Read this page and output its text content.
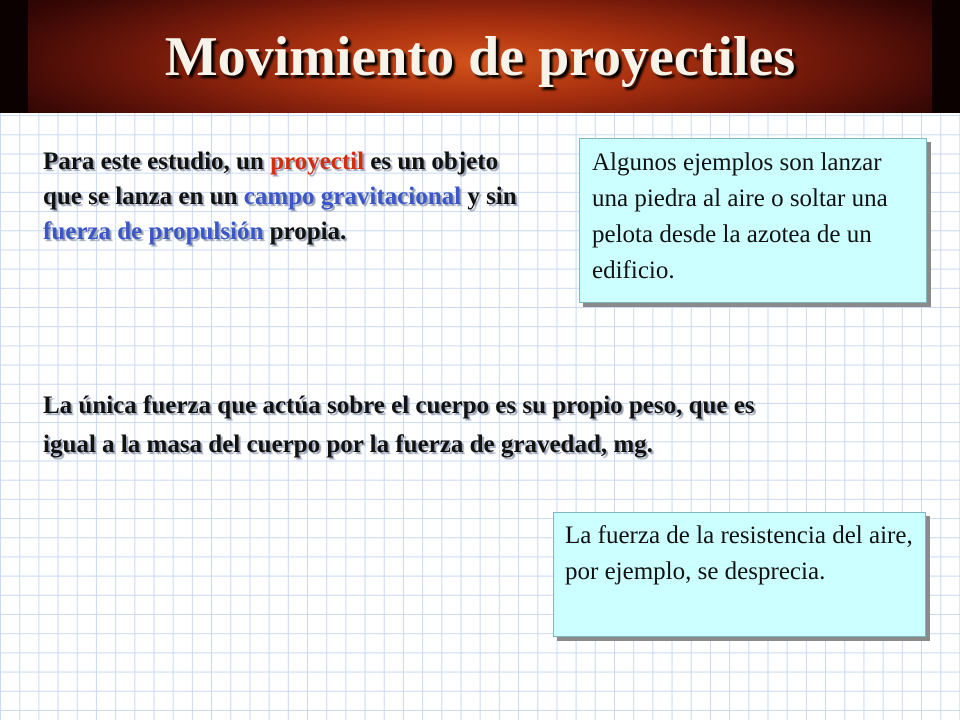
Movimiento de proyectiles

Para este estudio, un proyectil es un objeto que se lanza en un campo gravitacional y sin fuerza de propulsión propia.

Algunos ejemplos son lanzar una piedra al aire o soltar una pelota desde la azotea de un edificio.

La única fuerza que actúa sobre el cuerpo es su propio peso, que es igual a la masa del cuerpo por la fuerza de gravedad, mg.

La fuerza de la resistencia del aire, por ejemplo, se desprecia.
